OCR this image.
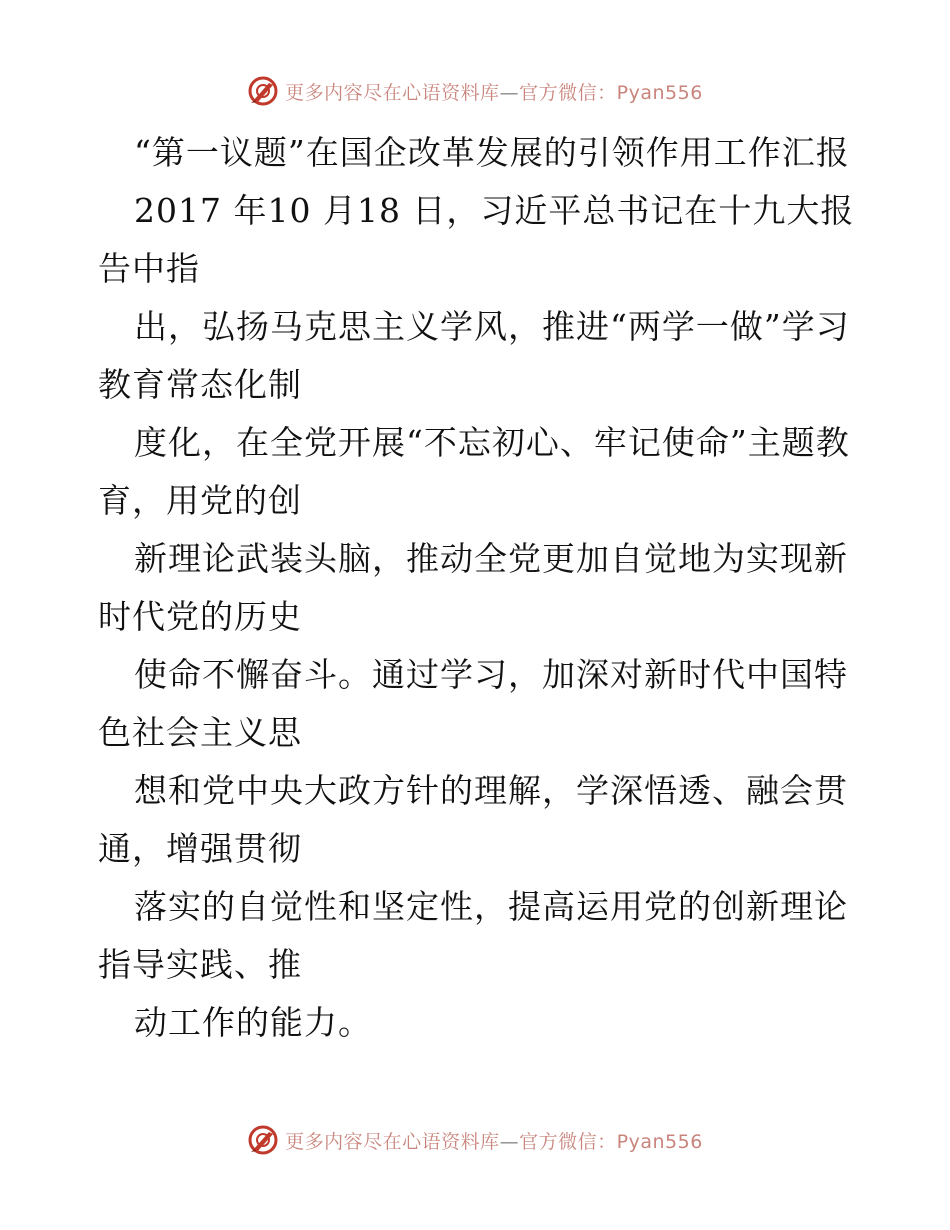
更多内容尽在心语资料库—官方微信：Pyan556

“第一议题”在国企改革发展的引领作用工作汇报

2017 年10 月18 日，习近平总书记在十九大报告中指

出，弘扬马克思主义学风，推进“两学一做”学习教育常态化制

度化，在全党开展“不忘初心、牢记使命”主题教育，用党的创

新理论武装头脑，推动全党更加自觉地为实现新时代党的历史

使命不懈奋斗。通过学习，加深对新时代中国特色社会主义思

想和党中央大政方针的理解，学深悟透、融会贯通，增强贯彻

落实的自觉性和坚定性，提高运用党的创新理论指导实践、推

动工作的能力。

更多内容尽在心语资料库—官方微信：Pyan556
